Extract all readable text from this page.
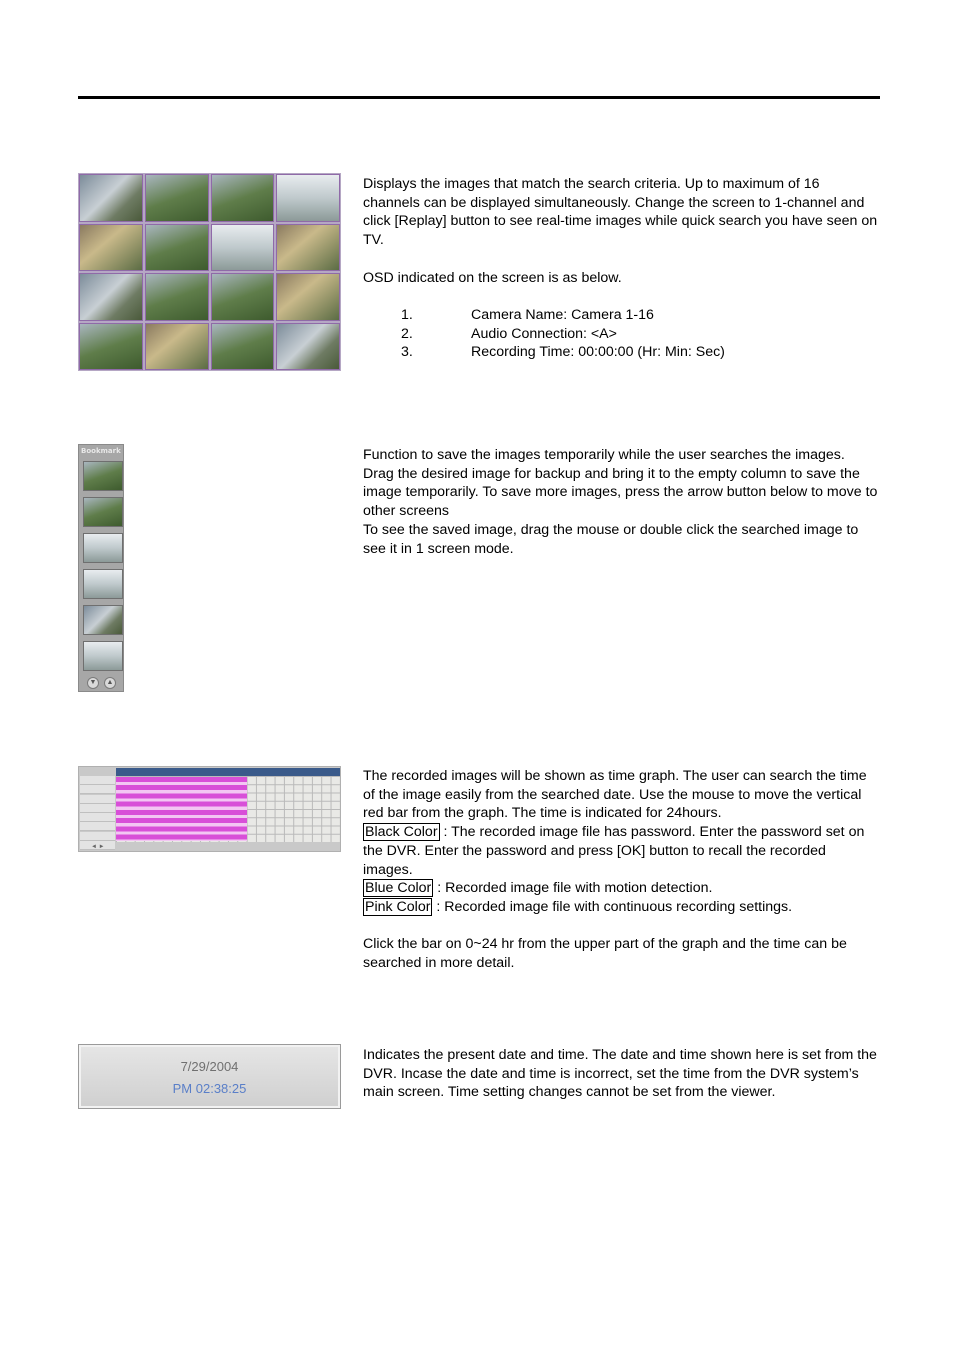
Displays the images that match the search criteria. Up to maximum of 16 channels can be displayed simultaneously. Change the screen to 1-channel and click [Replay] button to see real-time images while quick search you have seen on TV.

OSD indicated on the screen is as below.

1.	Camera Name: Camera 1-16
2.	Audio Connection: <A>
3.	Recording Time: 00:00:00 (Hr: Min: Sec)
Bookmark
▼	▲

Function to save the images temporarily while the user searches the images. Drag the desired image for backup and bring it to the empty column to save the image temporarily. To save more images, press the arrow button below to move to other screens

To see the saved image, drag the mouse or double click the searched image to see it in 1 screen mode.

◄ ►

The recorded images will be shown as time graph. The user can search the time of the image easily from the searched date. Use the mouse to move the vertical red bar from the graph. The time is indicated for 24hours.

Black Color : The recorded image file has password. Enter the password set on the DVR. Enter the password and press [OK] button to recall the recorded images.

Blue Color : Recorded image file with motion detection.

Pink Color : Recorded image file with continuous recording settings.

Click the bar on 0~24 hr from the upper part of the graph and the time can be searched in more detail.

7/29/2004
PM 02:38:25

Indicates the present date and time. The date and time shown here is set from the DVR. Incase the date and time is incorrect, set the time from the DVR system’s main screen. Time setting changes cannot be set from the viewer.
